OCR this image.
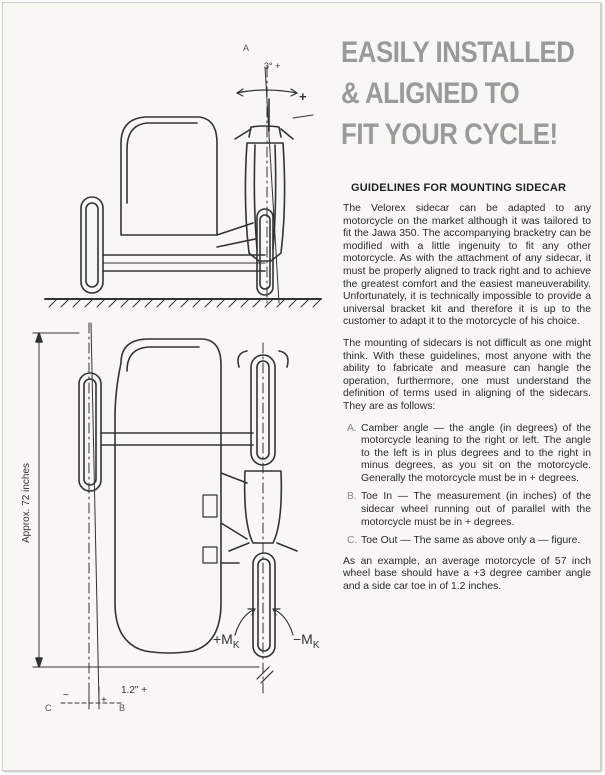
A
3° +
+
Approx. 72 inches
1.2" +
B
C
−	+
$+M_K$	$-M_K$
EASILY INSTALLED
& ALIGNED TO
FIT YOUR CYCLE!
GUIDELINES FOR MOUNTING SIDECAR

The Velorex sidecar can be adapted to any motorcycle on the market although it was tailored to fit the Jawa 350. The accompanying bracketry can be modified with a little ingenuity to fit any other motorcycle. As with the attachment of any sidecar, it must be properly aligned to track right and to achieve the greatest comfort and the easiest maneuverability. Unfortunately, it is technically impossible to provide a universal bracket kit and therefore it is up to the customer to adapt it to the motorcycle of his choice.

The mounting of sidecars is not difficult as one might think. With these guidelines, most anyone with the ability to fabricate and measure can hangle the operation, furthermore, one must understand the definition of terms used in aligning of the sidecars. They are as follows:

A. Camber angle — the angle (in degrees) of the motorcycle leaning to the right or left. The angle to the left is in plus degrees and to the right in minus degrees, as you sit on the motorcycle. Generally the motorcycle must be in + degrees.
B. Toe In — The measurement (in inches) of the sidecar wheel running out of parallel with the motorcycle must be in + degrees.
C. Toe Out — The same as above only a — figure.

As an example, an average motorcycle of 57 inch wheel base should have a +3 degree camber angle and a side car toe in of 1.2 inches.
